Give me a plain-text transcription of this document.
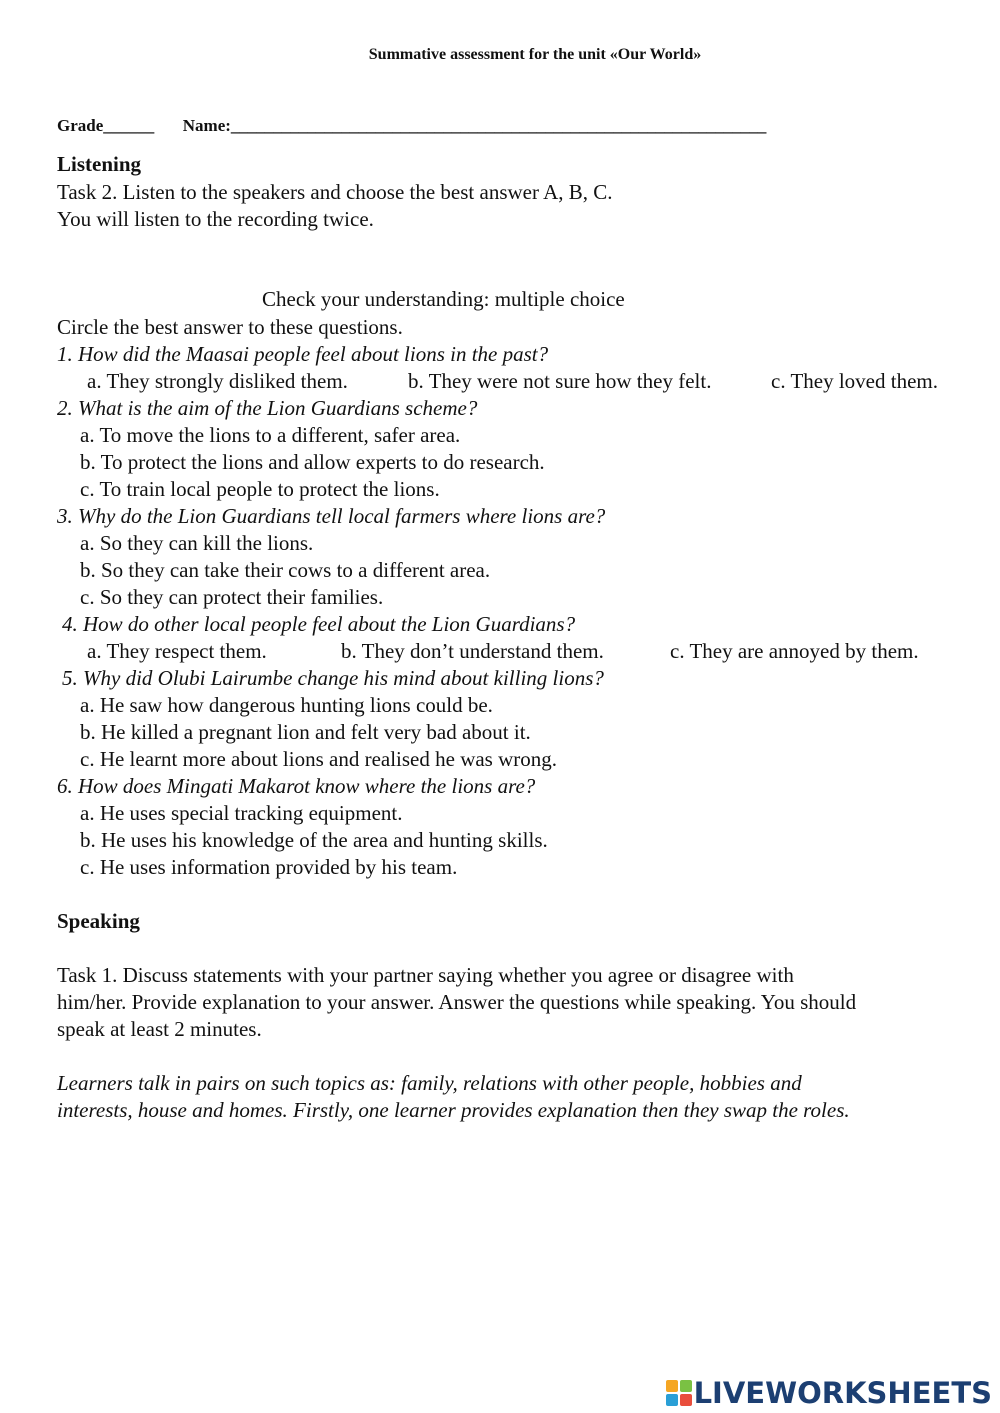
Summative assessment for the unit «Our World»
Grade______ Name:_______________________________________________________________
Listening
Task 2. Listen to the speakers and choose the best answer A, B, C.
You will listen to the recording twice.
Check your understanding: multiple choice
Circle the best answer to these questions.
1. How did the Maasai people feel about lions in the past?
a. They strongly disliked them.	b. They were not sure how they felt.	c. They loved them.
2. What is the aim of the Lion Guardians scheme?
a. To move the lions to a different, safer area.
b. To protect the lions and allow experts to do research.
c. To train local people to protect the lions.
3. Why do the Lion Guardians tell local farmers where lions are?
a. So they can kill the lions.
b. So they can take their cows to a different area.
c. So they can protect their families.
4. How do other local people feel about the Lion Guardians?
a. They respect them.	b. They don’t understand them.	c. They are annoyed by them.
5. Why did Olubi Lairumbe change his mind about killing lions?
a. He saw how dangerous hunting lions could be.
b. He killed a pregnant lion and felt very bad about it.
c. He learnt more about lions and realised he was wrong.
6. How does Mingati Makarot know where the lions are?
a. He uses special tracking equipment.
b. He uses his knowledge of the area and hunting skills.
c. He uses information provided by his team.
Speaking
Task 1. Discuss statements with your partner saying whether you agree or disagree with
him/her. Provide explanation to your answer. Answer the questions while speaking. You should
speak at least 2 minutes.
Learners talk in pairs on such topics as: family, relations with other people, hobbies and
interests, house and homes. Firstly, one learner provides explanation then they swap the roles.
LIVEWORKSHEETS
